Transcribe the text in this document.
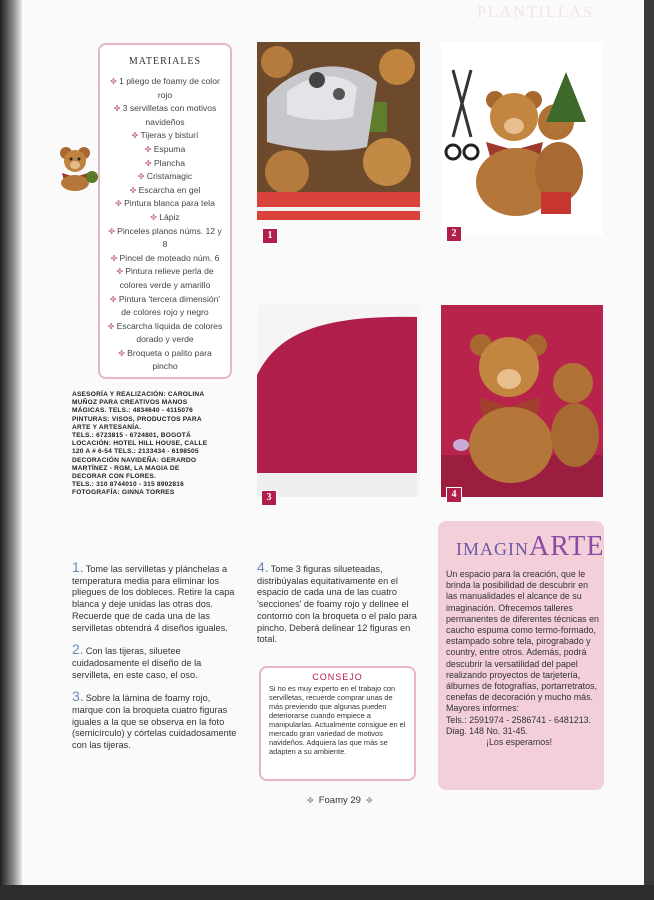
PLANTILLAS
MATERIALES
✤ 1 pliego de foamy de color rojo
✤ 3 servilletas con motivos navideños
✤ Tijeras y bisturí
✤ Espuma
✤ Plancha
✤ Cristamagic
✤ Escarcha en gel
✤ Pintura blanca para tela
✤ Lápiz
✤ Pinceles planos núms. 12 y 8
✤ Pincel de moteado núm. 6
✤ Pintura relieve perla de colores verde y amarillo
✤ Pintura 'tercera dimensión' de colores rojo y negro
✤ Escarcha líquida de colores dorado y verde
✤ Broqueta o palito para pincho
ASESORÍA Y REALIZACIÓN: CAROLINA
MUÑOZ PARA CREATIVOS MANOS
MÁGICAS. TELS.: 4834640 - 4115076
PINTURAS: VISOS, PRODUCTOS PARA
ARTE Y ARTESANÍA.
TELS.: 6723815 - 6724801, BOGOTÁ
LOCACIÓN: HOTEL HILL HOUSE, CALLE
120 A # 6-54 TELS.: 2133434 - 6198505
DECORACIÓN NAVIDEÑA: GERARDO
MARTÍNEZ - RGM, LA MAGIA DE
DECORAR CON FLORES.
TELS.: 310 8744010 - 315 8902816
FOTOGRAFÍA: GINNA TORRES
1	2
3	4
1. Tome las servilletas y plánchelas a temperatura media para eliminar los pliegues de los dobleces. Retire la capa blanca y deje unidas las otras dos. Recuerde que de cada una de las servilletas obtendrá 4 diseños iguales.
2. Con las tijeras, siluetee cuidadosamente el diseño de la servilleta, en este caso, el oso.
3. Sobre la lámina de foamy rojo, marque con la broqueta cuatro figuras iguales a la que se observa en la foto (semicírculo) y córtelas cuidadosamente con las tijeras.
4. Tome 3 figuras silueteadas, distribúyalas equitativamente en el espacio de cada una de las cuatro 'secciones' de foamy rojo y delinee el contorno con la broqueta o el palo para pincho. Deberá delinear 12 figuras en total.
CONSEJO

Si no es muy experto en el trabajo con servilletas, recuerde comprar unas de más previendo que algunas pueden deteriorarse cuando empiece a manipularlas. Actualmente consigue en el mercado gran variedad de motivos navideños. Adquiera las que más se adapten a su ambiente.

IMAGINARTE

Un espacio para la creación, que le brinda la posibilidad de descubrir en las manualidades el alcance de su imaginación. Ofrecemos talleres permanentes de diferentes técnicas en caucho espuma como termo-formado, estampado sobre tela, pirograbado y country, entre otros. Además, podrá descubrir la versatilidad del papel realizando proyectos de tarjetería, álbumes de fotografías, portarretratos, cenefas de decoración y mucho más.

Mayores informes:

Tels.: 2591974 - 2586741 - 6481213.

Diag. 148 No. 31-45.

¡Los esperamos!

✤ Foamy 29 ✤
